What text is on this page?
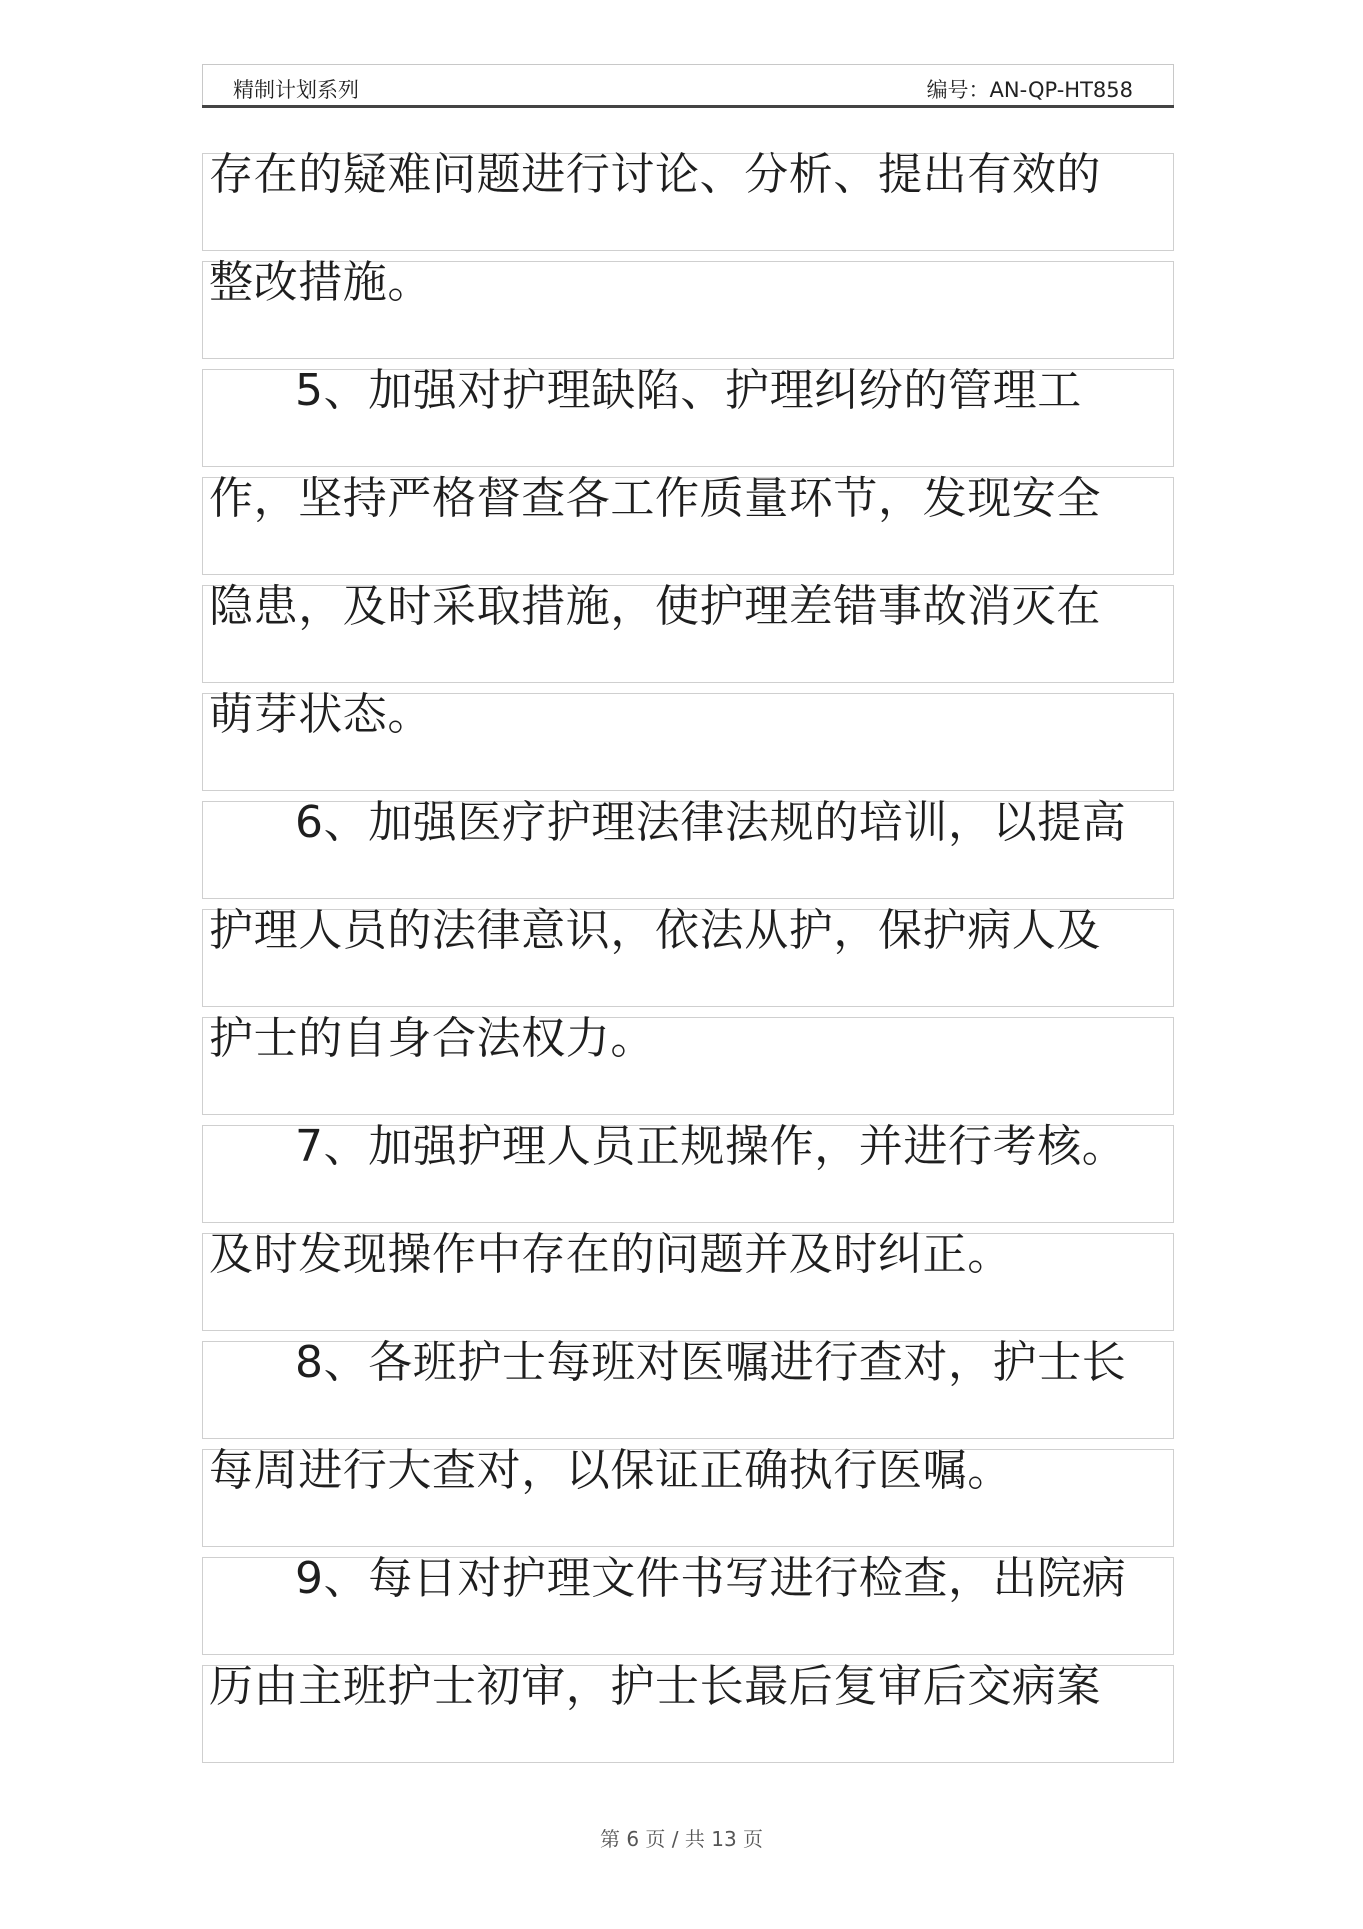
精制计划系列	编号：AN-QP-HT858
存在的疑难问题进行讨论、分析、提出有效的
整改措施。
5、加强对护理缺陷、护理纠纷的管理工
作，坚持严格督查各工作质量环节，发现安全
隐患，及时采取措施，使护理差错事故消灭在
萌芽状态。
6、加强医疗护理法律法规的培训，以提高
护理人员的法律意识，依法从护，保护病人及
护士的自身合法权力。
7、加强护理人员正规操作，并进行考核。
及时发现操作中存在的问题并及时纠正。
8、各班护士每班对医嘱进行查对，护士长
每周进行大查对，以保证正确执行医嘱。
9、每日对护理文件书写进行检查，出院病
历由主班护士初审，护士长最后复审后交病案
第 6 页 / 共 13 页
